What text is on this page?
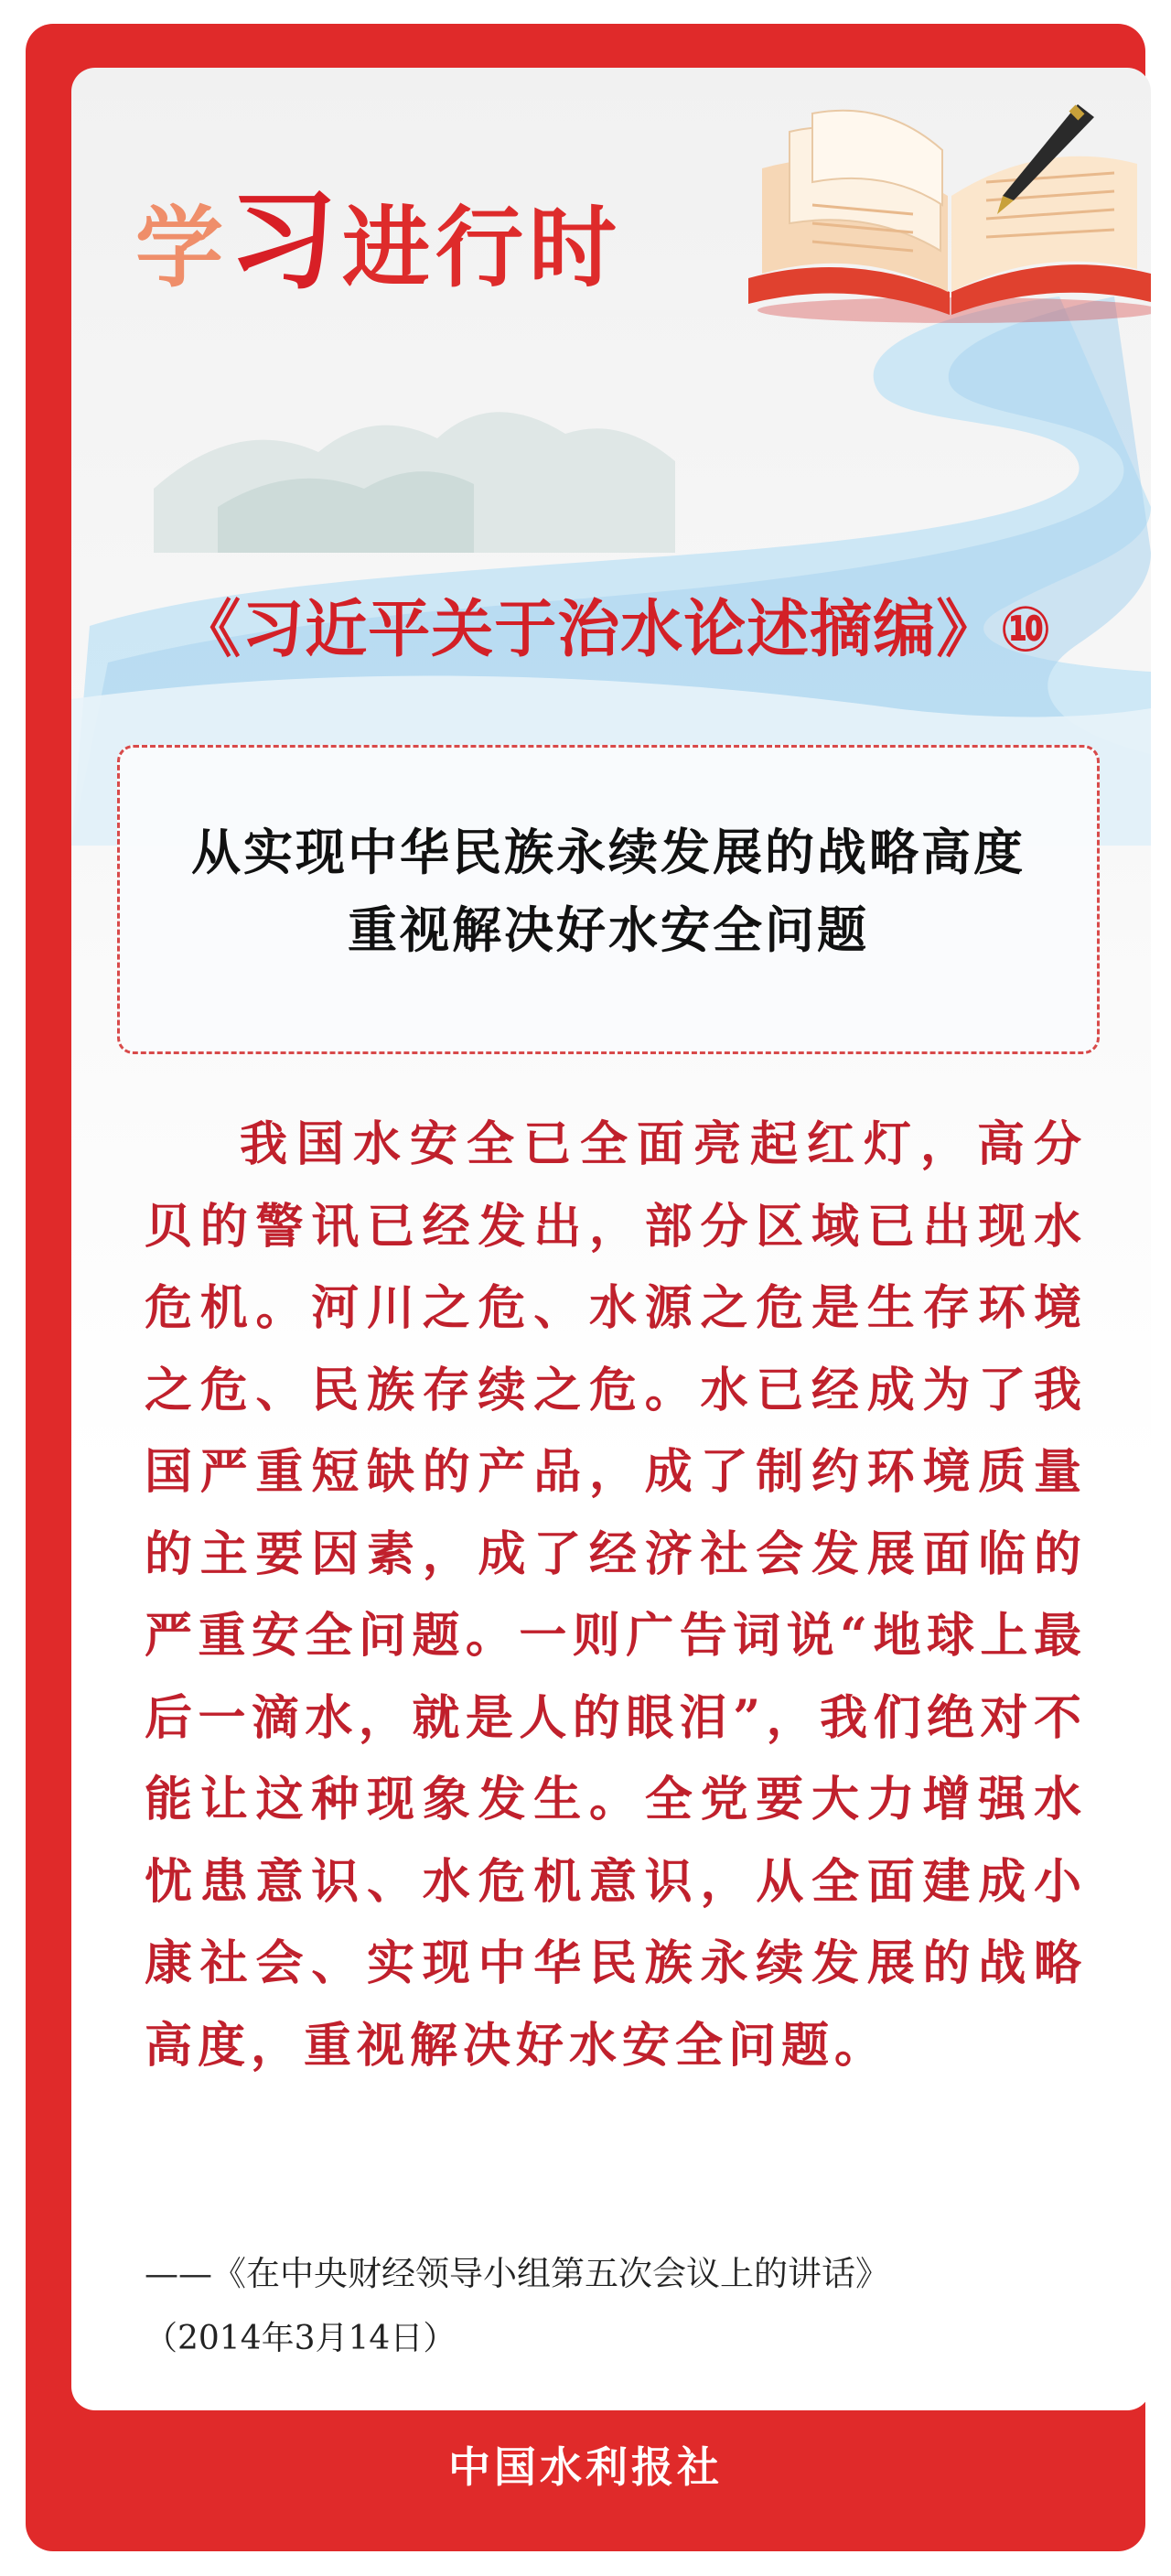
学习进行时
《习近平关于治水论述摘编》⑩
从实现中华民族永续发展的战略高度
重视解决好水安全问题
我国水安全已全面亮起红灯，高分贝的警讯已经发出，部分区域已出现水危机。河川之危、水源之危是生存环境之危、民族存续之危。水已经成为了我国严重短缺的产品，成了制约环境质量的主要因素，成了经济社会发展面临的严重安全问题。一则广告词说“地球上最后一滴水，就是人的眼泪”，我们绝对不能让这种现象发生。全党要大力增强水忧患意识、水危机意识，从全面建成小康社会、实现中华民族永续发展的战略高度，重视解决好水安全问题。
——《在中央财经领导小组第五次会议上的讲话》
（2014年3月14日）
中国水利报社
